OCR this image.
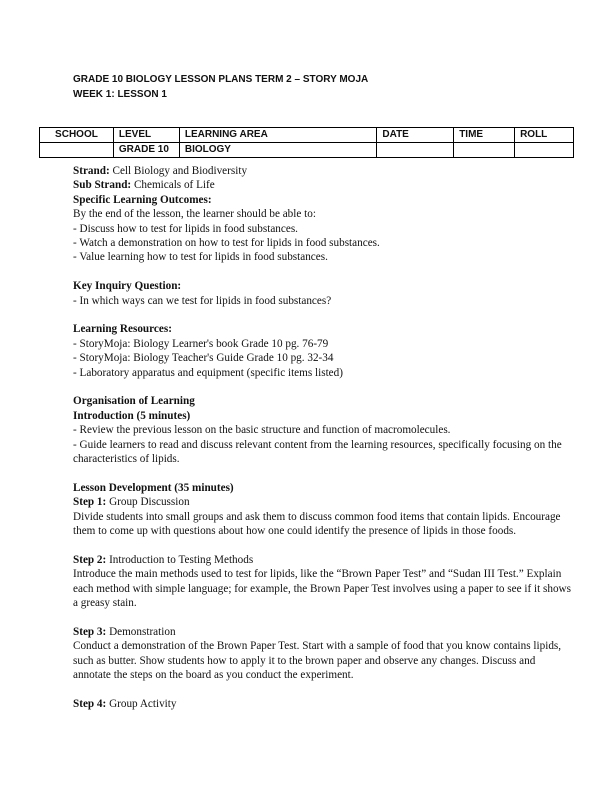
GRADE 10 BIOLOGY LESSON PLANS TERM 2 – STORY MOJA
WEEK 1: LESSON 1
SCHOOL	LEVEL	LEARNING AREA	DATE	TIME	ROLL
	GRADE 10	BIOLOGY			

Strand: Cell Biology and Biodiversity

Sub Strand: Chemicals of Life

Specific Learning Outcomes:

By the end of the lesson, the learner should be able to:

- Discuss how to test for lipids in food substances.

- Watch a demonstration on how to test for lipids in food substances.

- Value learning how to test for lipids in food substances.

Key Inquiry Question:

- In which ways can we test for lipids in food substances?

Learning Resources:

- StoryMoja: Biology Learner's book Grade 10 pg. 76-79

- StoryMoja: Biology Teacher's Guide Grade 10 pg. 32-34

- Laboratory apparatus and equipment (specific items listed)

Organisation of Learning

Introduction (5 minutes)

- Review the previous lesson on the basic structure and function of macromolecules.

- Guide learners to read and discuss relevant content from the learning resources, specifically focusing on the characteristics of lipids.

Lesson Development (35 minutes)

Step 1: Group Discussion

Divide students into small groups and ask them to discuss common food items that contain lipids. Encourage them to come up with questions about how one could identify the presence of lipids in those foods.

Step 2: Introduction to Testing Methods

Introduce the main methods used to test for lipids, like the “Brown Paper Test” and “Sudan III Test.” Explain each method with simple language; for example, the Brown Paper Test involves using a paper to see if it shows a greasy stain.

Step 3: Demonstration

Conduct a demonstration of the Brown Paper Test. Start with a sample of food that you know contains lipids, such as butter. Show students how to apply it to the brown paper and observe any changes. Discuss and annotate the steps on the board as you conduct the experiment.

Step 4: Group Activity
